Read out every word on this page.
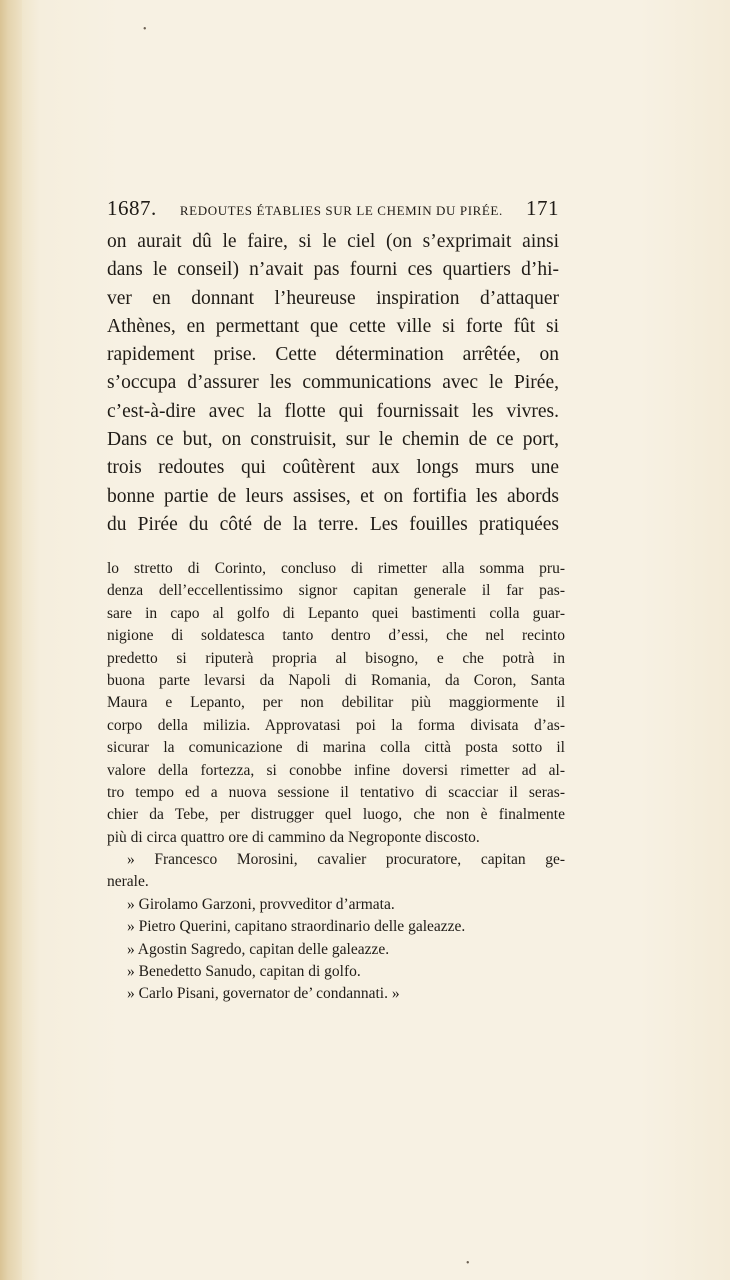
•
1687.	REDOUTES ÉTABLIES SUR LE CHEMIN DU PIRÉE.	171
on aurait dû le faire, si le ciel (on s’exprimait ainsi
dans le conseil) n’avait pas fourni ces quartiers d’hi-
ver en donnant l’heureuse inspiration d’attaquer
Athènes, en permettant que cette ville si forte fût si
rapidement prise. Cette détermination arrêtée, on
s’occupa d’assurer les communications avec le Pirée,
c’est-à-dire avec la flotte qui fournissait les vivres.
Dans ce but, on construisit, sur le chemin de ce port,
trois redoutes qui coûtèrent aux longs murs une
bonne partie de leurs assises, et on fortifia les abords
du Pirée du côté de la terre. Les fouilles pratiquées
lo stretto di Corinto, concluso di rimetter alla somma pru-
denza dell’eccellentissimo signor capitan generale il far pas-
sare in capo al golfo di Lepanto quei bastimenti colla guar-
nigione di soldatesca tanto dentro d’essi, che nel recinto
predetto si riputerà propria al bisogno, e che potrà in
buona parte levarsi da Napoli di Romania, da Coron, Santa
Maura e Lepanto, per non debilitar più maggiormente il
corpo della milizia. Approvatasi poi la forma divisata d’as-
sicurar la comunicazione di marina colla città posta sotto il
valore della fortezza, si conobbe infine doversi rimetter ad al-
tro tempo ed a nuova sessione il tentativo di scacciar il seras-
chier da Tebe, per distrugger quel luogo, che non è finalmente
più di circa quattro ore di cammino da Negroponte discosto.
» Francesco Morosini, cavalier procuratore, capitan ge-
nerale.
» Girolamo Garzoni, provveditor d’armata.
» Pietro Querini, capitano straordinario delle galeazze.
» Agostin Sagredo, capitan delle galeazze.
» Benedetto Sanudo, capitan di golfo.
» Carlo Pisani, governator de’ condannati. »
•
